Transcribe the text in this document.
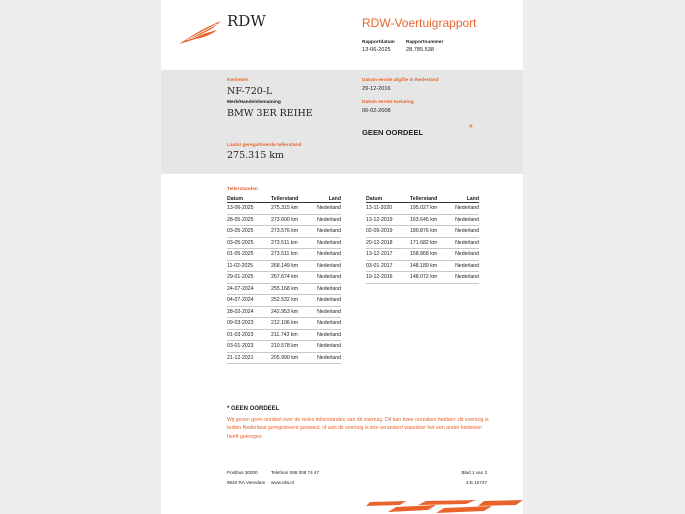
RDW	RDW-Voertuigrapport
Rapportdatum
13-06-2025
Rapportnummer
28.785.538
Kenteken
NF-720-L
Merk/Handelsbenaming
BMW 3ER REIHE
Laatst geregistreerde tellerstand
275.315 km
Datum eerste afgifte in Nederland
29-12-2016
Datum eerste toelating
06-02-2008
GEEN OORDEEL	*
Tellerstanden
Datum	Tellerstand	Land
13-06-2025	275.315 km	Nederland
28-05-2025	273.600 km	Nederland
03-05-2025	273.576 km	Nederland
03-05-2025	273.511 km	Nederland
01-05-2025	273.511 km	Nederland
11-02-2025	268.149 km	Nederland
29-01-2025	267.674 km	Nederland
24-07-2024	255.168 km	Nederland
04-07-2024	252.532 km	Nederland
28-02-2024	242.953 km	Nederland
09-03-2023	212.106 km	Nederland
01-03-2023	211.743 km	Nederland
03-01-2023	210.578 km	Nederland
21-12-2021	205.990 km	Nederland
Datum	Tellerstand	Land
13-11-2020	195.027 km	Nederland
13-12-2019	163.645 km	Nederland
02-09-2019	180.876 km	Nederland
20-12-2018	171.682 km	Nederland
13-12-2017	158.868 km	Nederland
03-01-2017	148.189 km	Nederland
19-12-2016	148.072 km	Nederland
* GEEN OORDEEL
Wij geven geen oordeel over de reeks tellerstanden van dit voertuig. Dit kan twee oorzaken hebben: dit voertuig is buiten Nederland geregistreerd geweest, of aan dit voertuig is iets veranderd waardoor het een ander kenteken heeft gekregen.
Postbus 30000
9640 RA Veendam
Telefoon 088 008 74 47
www.rdw.nl
Blad 1 van 3
3.E.10737
